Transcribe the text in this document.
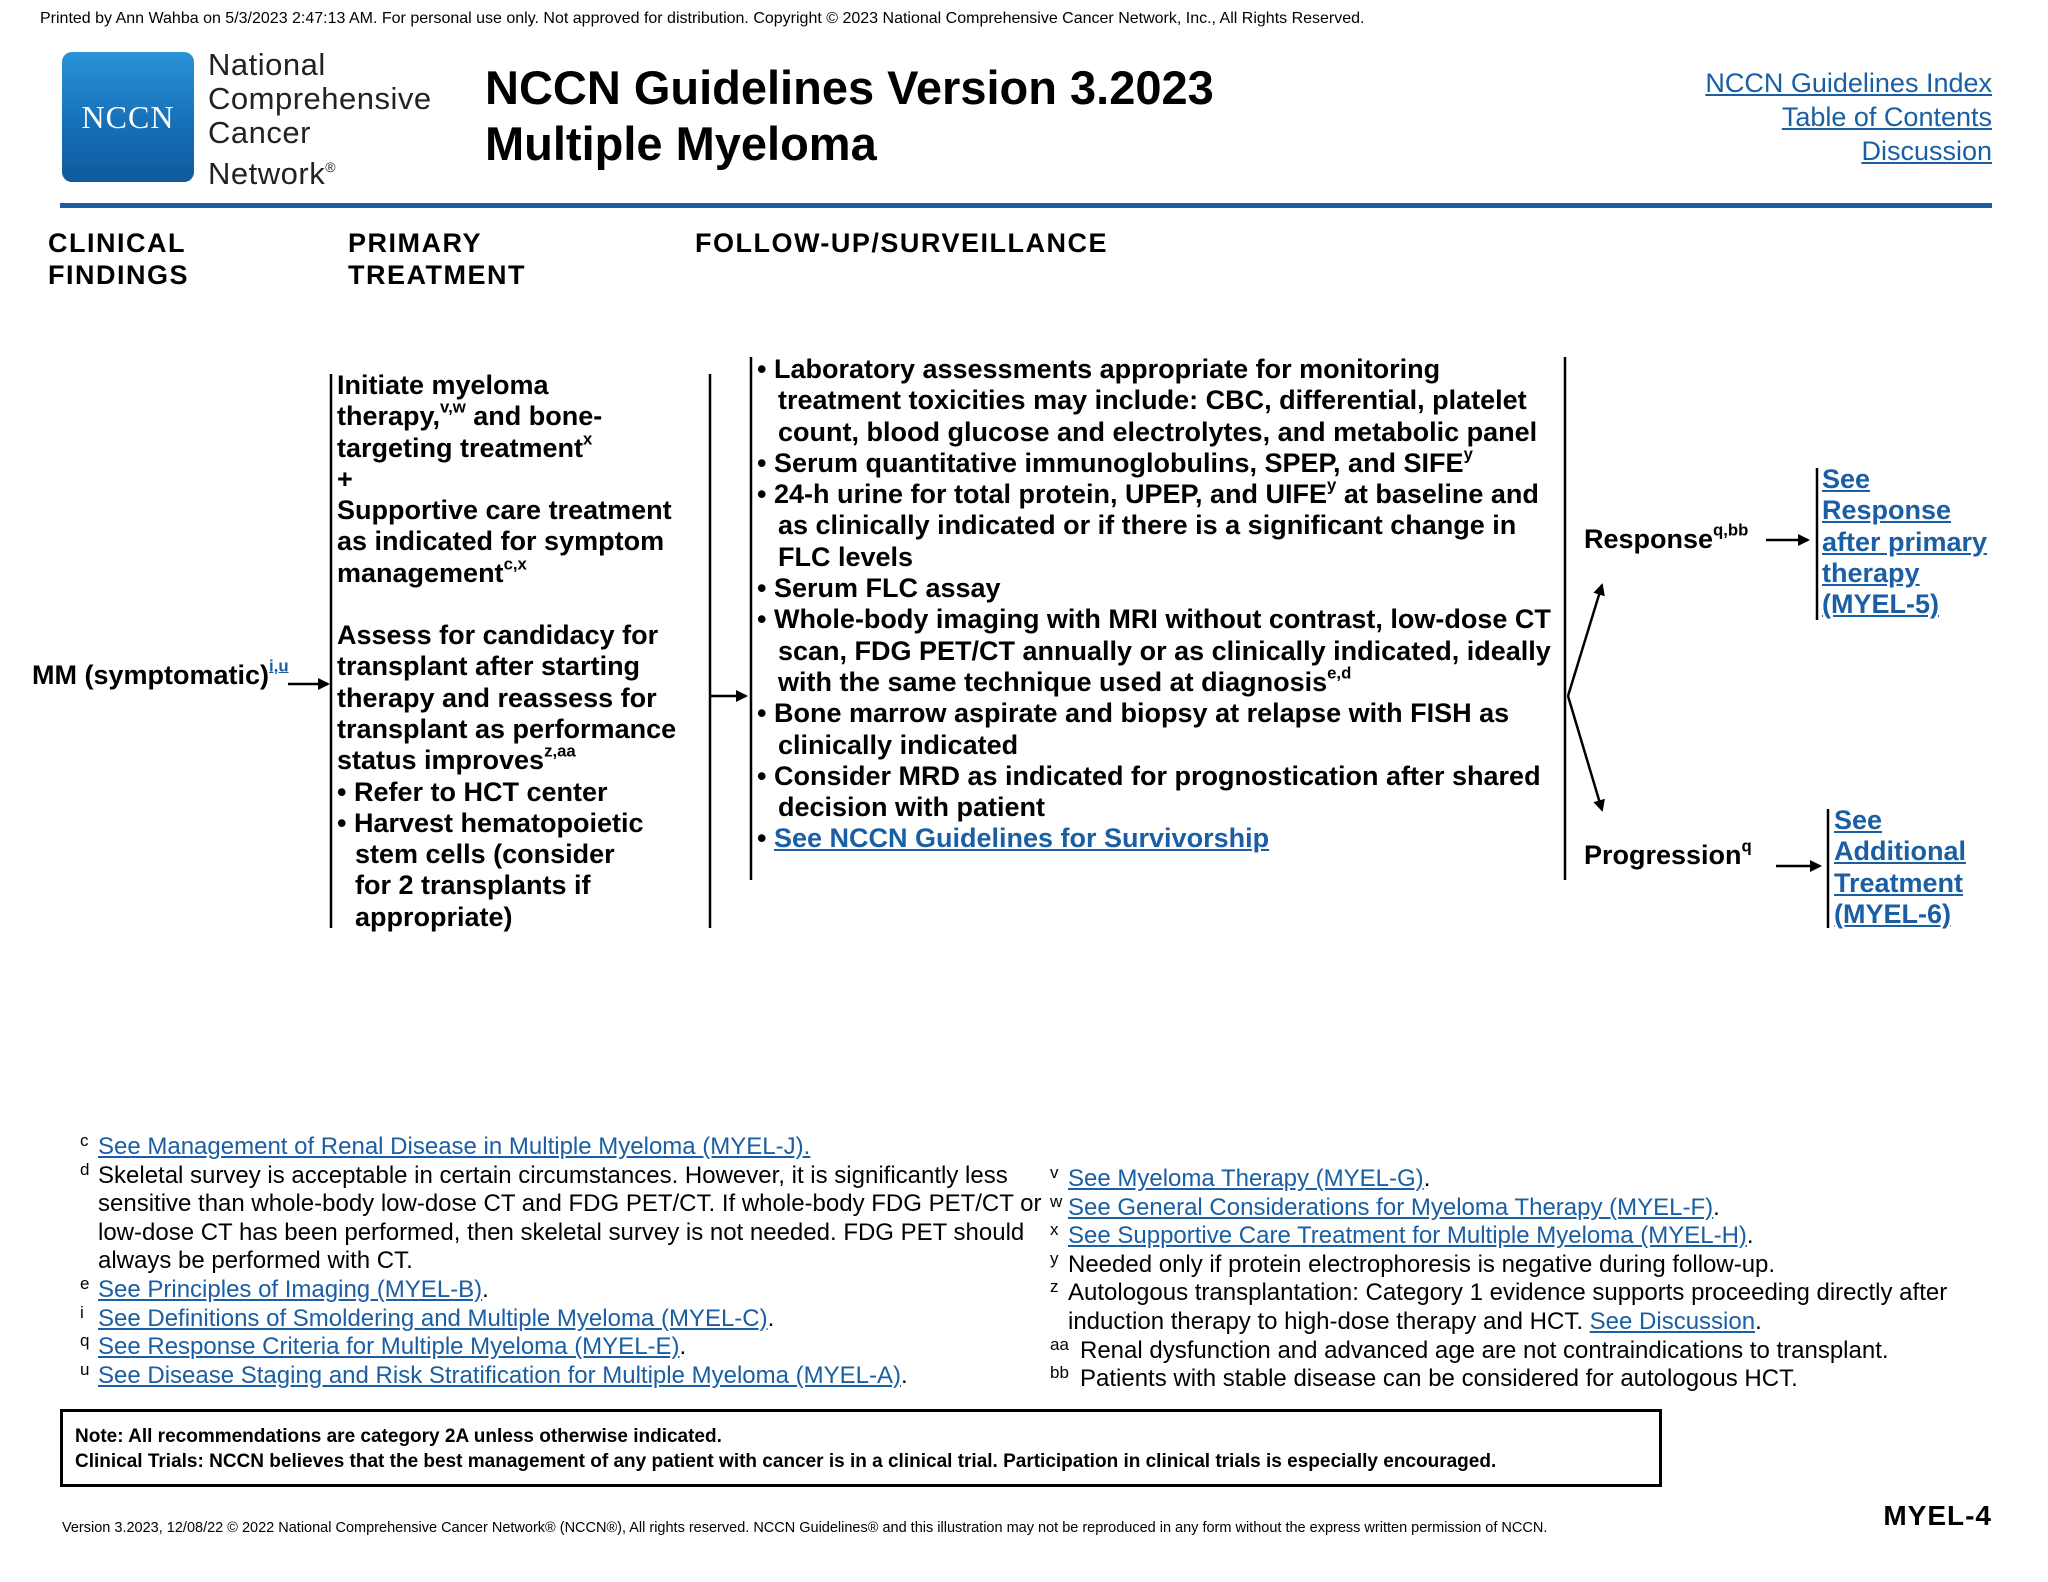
Printed by Ann Wahba on 5/3/2023 2:47:13 AM. For personal use only. Not approved for distribution. Copyright © 2023 National Comprehensive Cancer Network, Inc., All Rights Reserved.
NCCN
National
Comprehensive
Cancer
Network®
NCCN Guidelines Version 3.2023
Multiple Myeloma
NCCN Guidelines Index
Table of Contents
Discussion
CLINICAL
FINDINGS
PRIMARY
TREATMENT
FOLLOW-UP/SURVEILLANCE
MM (symptomatic)$^{i,u}$
Initiate myeloma
therapy,$^{v,w}$ and bone-
targeting treatment$^x$
+
Supportive care treatment
as indicated for symptom
management$^{c,x}$
Assess for candidacy for
transplant after starting
therapy and reassess for
transplant as performance
status improves$^{z,aa}$
• Refer to HCT center
• Harvest hematopoietic
stem cells (consider
for 2 transplants if
appropriate)
• Laboratory assessments appropriate for monitoring treatment toxicities may include: CBC, differential, platelet count, blood glucose and electrolytes, and metabolic panel
• Serum quantitative immunoglobulins, SPEP, and SIFE$^y$
• 24-h urine for total protein, UPEP, and UIFE$^y$ at baseline and as clinically indicated or if there is a significant change in FLC levels
• Serum FLC assay
• Whole-body imaging with MRI without contrast, low-dose CT scan, FDG PET/CT annually or as clinically indicated, ideally with the same technique used at diagnosis$^{e,d}$
• Bone marrow aspirate and biopsy at relapse with FISH as clinically indicated
• Consider MRD as indicated for prognostication after shared decision with patient
• See NCCN Guidelines for Survivorship
Response$^{q,bb}$
Progression$^q$
See
Response
after primary
therapy
(MYEL-5)
See
Additional
Treatment
(MYEL-6)
c See Management of Renal Disease in Multiple Myeloma (MYEL-J).
d Skeletal survey is acceptable in certain circumstances. However, it is significantly less sensitive than whole-body low-dose CT and FDG PET/CT. If whole-body FDG PET/CT or low-dose CT has been performed, then skeletal survey is not needed. FDG PET should always be performed with CT.
e See Principles of Imaging (MYEL-B).
i See Definitions of Smoldering and Multiple Myeloma (MYEL-C).
q See Response Criteria for Multiple Myeloma (MYEL-E).
u See Disease Staging and Risk Stratification for Multiple Myeloma (MYEL-A).
v See Myeloma Therapy (MYEL-G).
w See General Considerations for Myeloma Therapy (MYEL-F).
x See Supportive Care Treatment for Multiple Myeloma (MYEL-H).
y Needed only if protein electrophoresis is negative during follow-up.
z Autologous transplantation: Category 1 evidence supports proceeding directly after induction therapy to high-dose therapy and HCT. See Discussion.
aa Renal dysfunction and advanced age are not contraindications to transplant.
bb Patients with stable disease can be considered for autologous HCT.
Note: All recommendations are category 2A unless otherwise indicated.
Clinical Trials: NCCN believes that the best management of any patient with cancer is in a clinical trial. Participation in clinical trials is especially encouraged.
Version 3.2023, 12/08/22 © 2022 National Comprehensive Cancer Network® (NCCN®), All rights reserved. NCCN Guidelines® and this illustration may not be reproduced in any form without the express written permission of NCCN.	MYEL-4
